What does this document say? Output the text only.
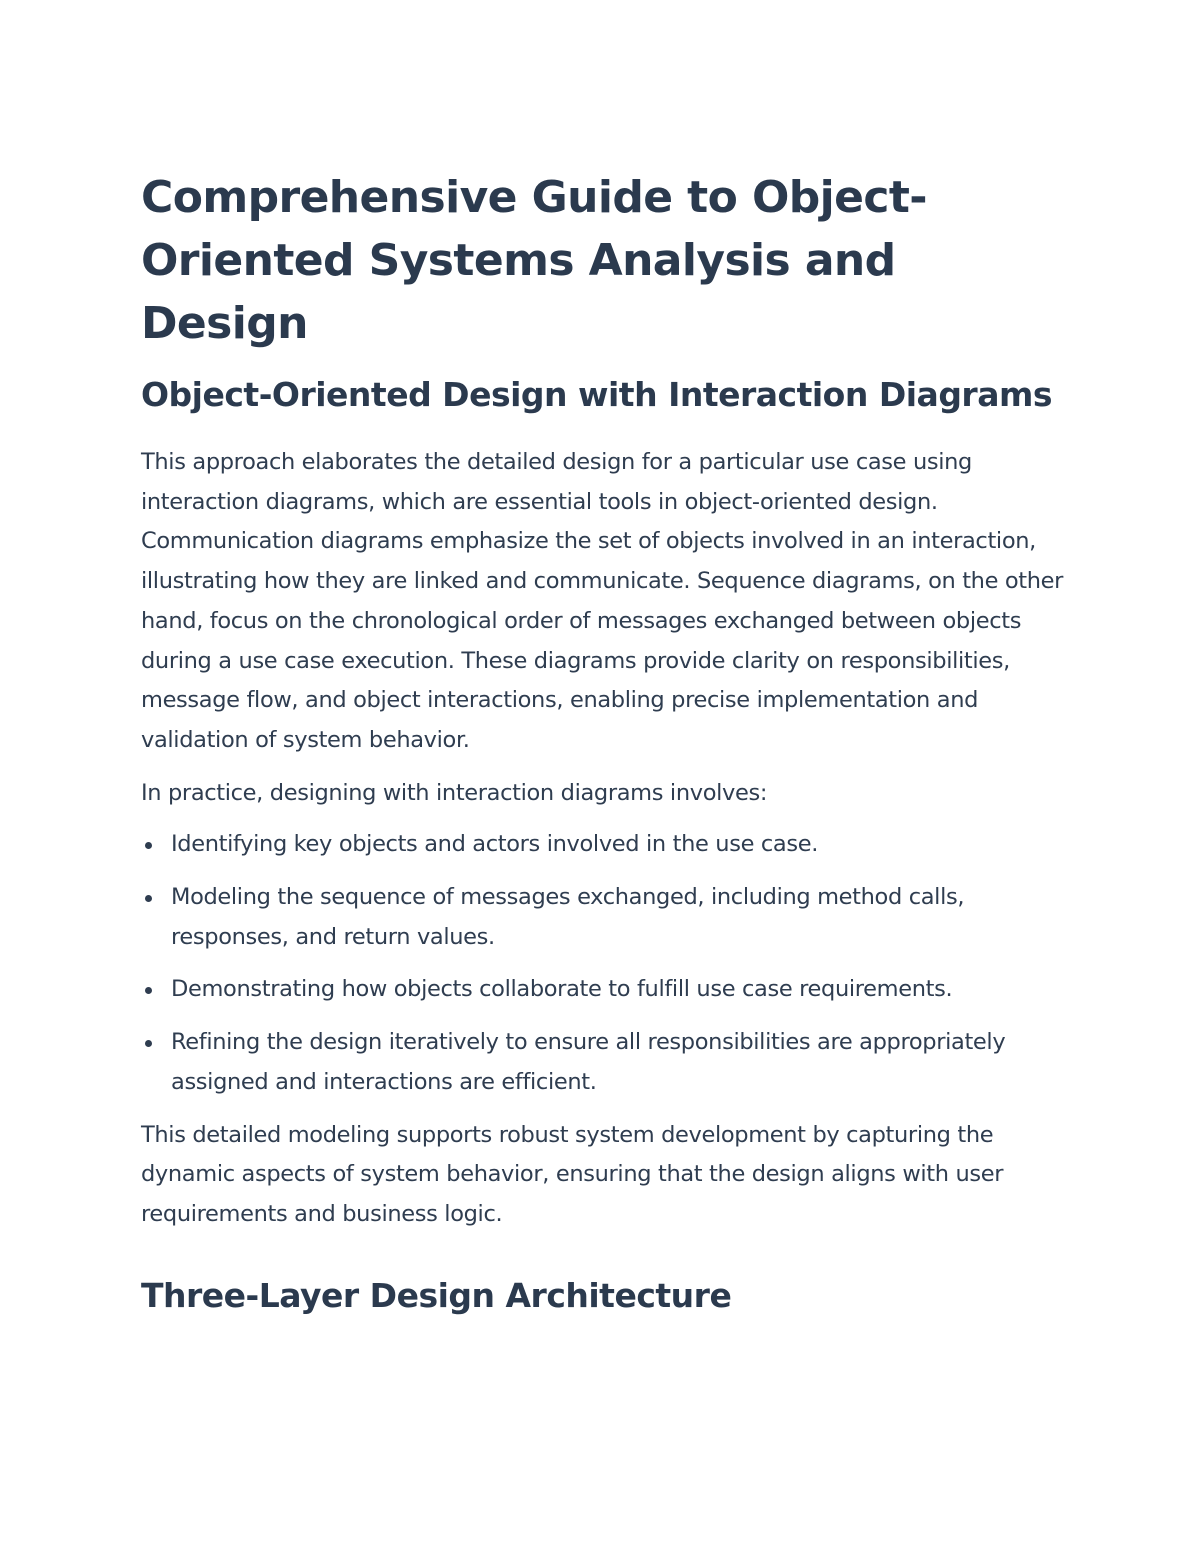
Comprehensive Guide to Object-Oriented Systems Analysis and Design
Object-Oriented Design with Interaction Diagrams

This approach elaborates the detailed design for a particular use case using interaction diagrams, which are essential tools in object-oriented design. Communication diagrams emphasize the set of objects involved in an interaction, illustrating how they are linked and communicate. Sequence diagrams, on the other hand, focus on the chronological order of messages exchanged between objects during a use case execution. These diagrams provide clarity on responsibilities, message flow, and object interactions, enabling precise implementation and validation of system behavior.

In practice, designing with interaction diagrams involves:

Identifying key objects and actors involved in the use case.
Modeling the sequence of messages exchanged, including method calls, responses, and return values.
Demonstrating how objects collaborate to fulfill use case requirements.
Refining the design iteratively to ensure all responsibilities are appropriately assigned and interactions are efficient.

This detailed modeling supports robust system development by capturing the dynamic aspects of system behavior, ensuring that the design aligns with user requirements and business logic.

Three-Layer Design Architecture
